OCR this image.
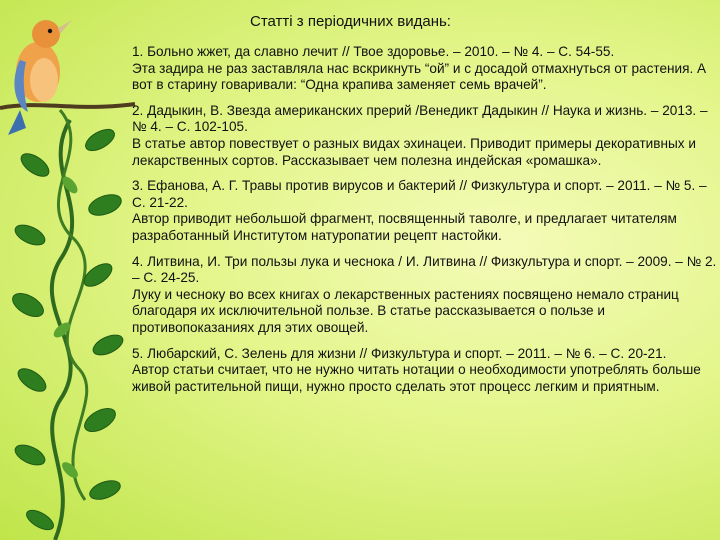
Статті з періодичних видань:

1. Больно жжет, да славно лечит // Твое здоровье. – 2010. – № 4. – С. 54-55.

Эта задира не раз заставляла нас вскрикнуть “ой” и с досадой отмахнуться от растения. А вот в старину говаривали: “Одна крапива заменяет семь врачей”.

2. Дадыкин, В. Звезда американских прерий /Венедикт Дадыкин // Наука и жизнь. – 2013. – № 4. – С. 102-105.

В статье автор повествует о разных видах эхинацеи. Приводит примеры декоративных и лекарственных сортов. Рассказывает чем полезна индейская «ромашка».

3. Ефанова, А. Г. Травы против вирусов и бактерий // Физкультура и спорт. – 2011. – № 5. – С. 21-22.

Автор приводит небольшой фрагмент, посвященный таволге, и предлагает читателям разработанный Институтом натуропатии рецепт настойки.

4. Литвина, И. Три пользы лука и чеснока / И. Литвина // Физкультура и спорт. – 2009. – № 2. – С. 24-25.

Луку и чесноку во всех книгах о лекарственных растениях посвящено немало страниц благодаря их исключительной пользе. В статье рассказывается о пользе и противопоказаниях для этих овощей.

5. Любарский, С. Зелень для жизни // Физкультура и спорт. – 2011. – № 6. – С. 20-21.

Автор статьи считает, что не нужно читать нотации о необходимости употреблять больше живой растительной пищи, нужно просто сделать этот процесс легким и приятным.
